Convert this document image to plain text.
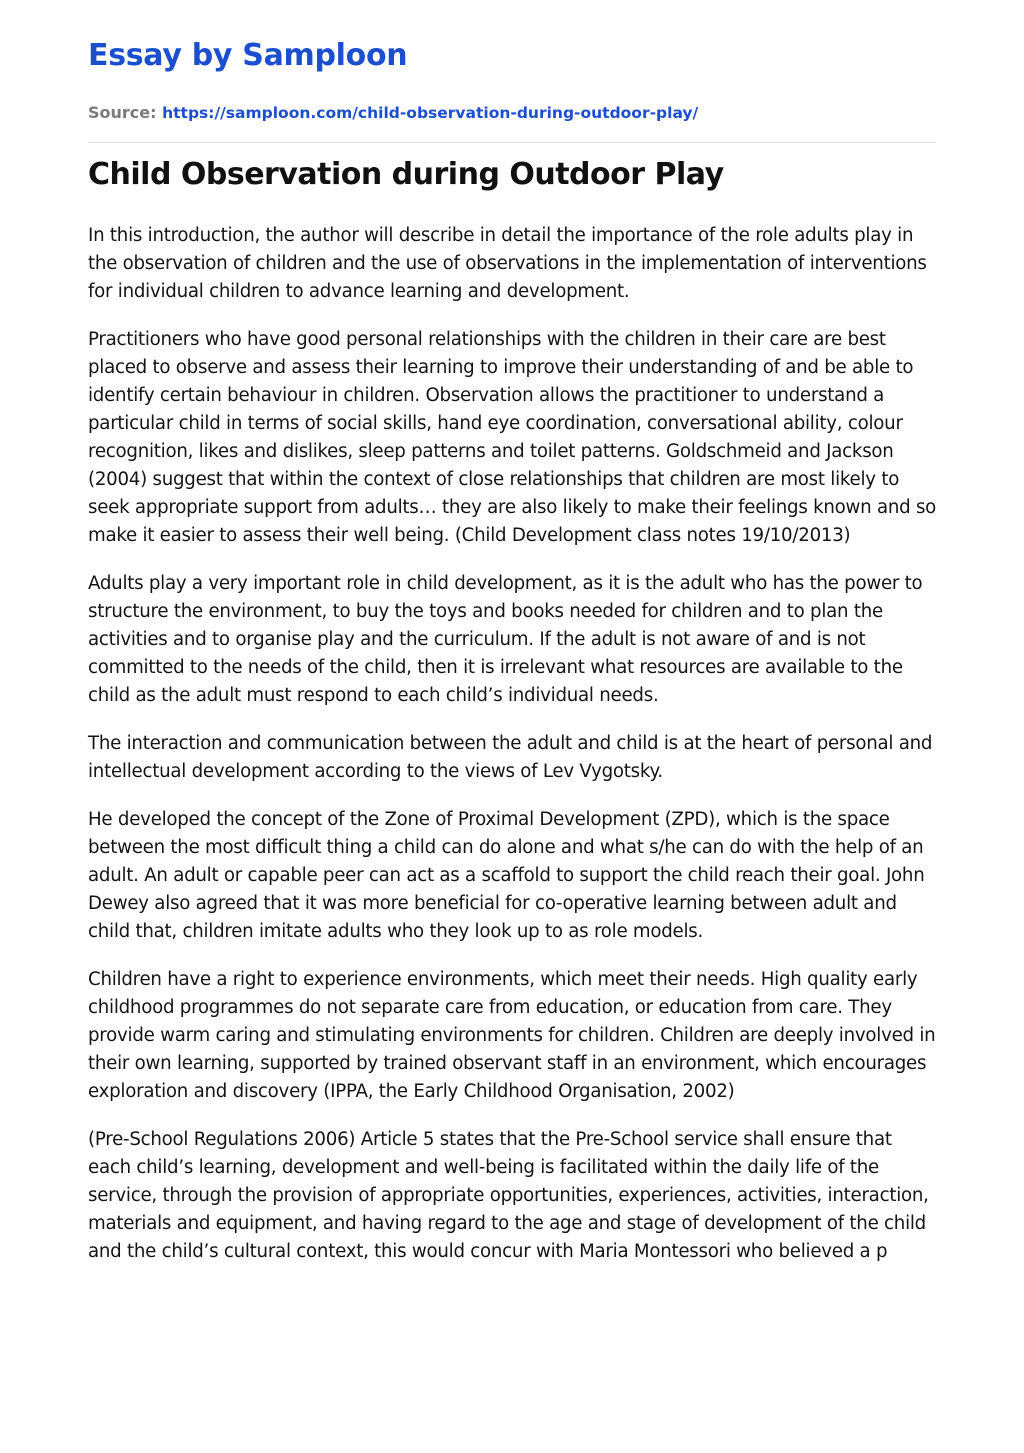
Essay by Samploon
Source: https://samploon.com/child-observation-during-outdoor-play/
Child Observation during Outdoor Play

In this introduction, the author will describe in detail the importance of the role adults play in the observation of children and the use of observations in the implementation of interventions for individual children to advance learning and development.

Practitioners who have good personal relationships with the children in their care are best placed to observe and assess their learning to improve their understanding of and be able to identify certain behaviour in children. Observation allows the practitioner to understand a particular child in terms of social skills, hand eye coordination, conversational ability, colour recognition, likes and dislikes, sleep patterns and toilet patterns. Goldschmeid and Jackson (2004) suggest that within the context of close relationships that children are most likely to seek appropriate support from adults… they are also likely to make their feelings known and so make it easier to assess their well being. (Child Development class notes 19/10/2013)

Adults play a very important role in child development, as it is the adult who has the power to structure the environment, to buy the toys and books needed for children and to plan the activities and to organise play and the curriculum. If the adult is not aware of and is not committed to the needs of the child, then it is irrelevant what resources are available to the child as the adult must respond to each child’s individual needs.

The interaction and communication between the adult and child is at the heart of personal and intellectual development according to the views of Lev Vygotsky.

He developed the concept of the Zone of Proximal Development (ZPD), which is the space between the most difficult thing a child can do alone and what s/he can do with the help of an adult. An adult or capable peer can act as a scaffold to support the child reach their goal. John Dewey also agreed that it was more beneficial for co-operative learning between adult and child that, children imitate adults who they look up to as role models.

Children have a right to experience environments, which meet their needs. High quality early childhood programmes do not separate care from education, or education from care. They provide warm caring and stimulating environments for children. Children are deeply involved in their own learning, supported by trained observant staff in an environment, which encourages exploration and discovery (IPPA, the Early Childhood Organisation, 2002)

(Pre-School Regulations 2006) Article 5 states that the Pre-School service shall ensure that each child’s learning, development and well-being is facilitated within the daily life of the service, through the provision of appropriate opportunities, experiences, activities, interaction, materials and equipment, and having regard to the age and stage of development of the child and the child’s cultural context, this would concur with Maria Montessori who believed a p
